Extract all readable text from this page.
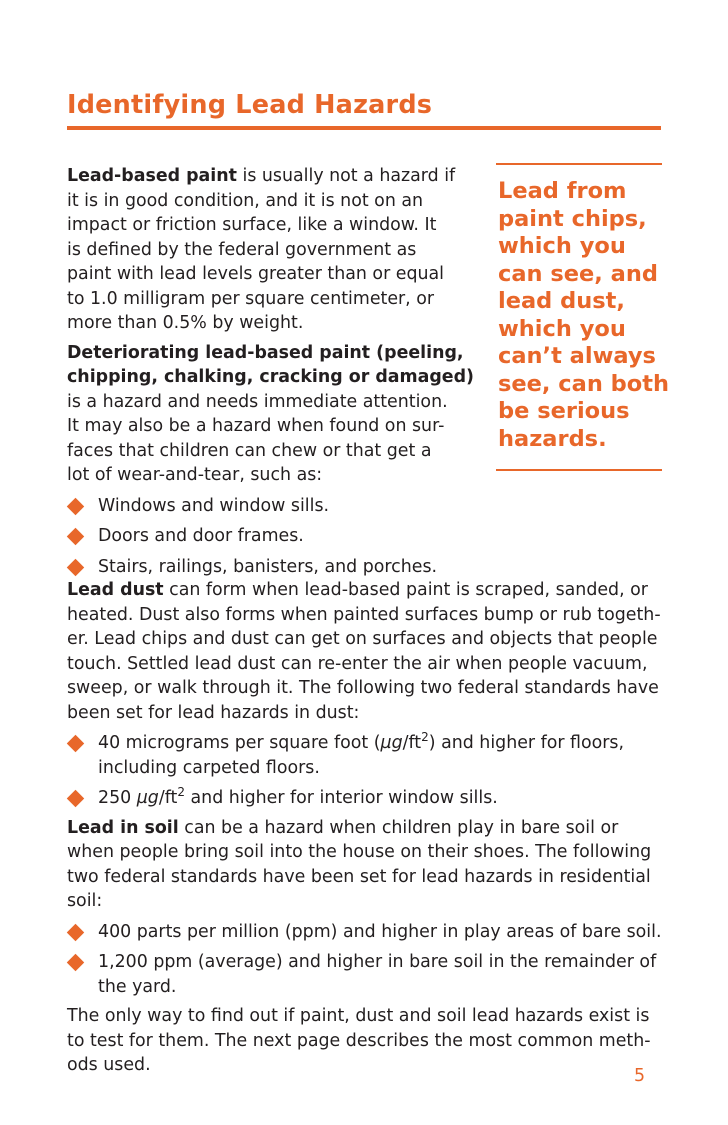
Identifying Lead Hazards
Lead from
paint chips,
which you
can see, and
lead dust,
which you
can’t always
see, can both
be serious
hazards.

Lead-based paint is usually not a hazard if
it is in good condition, and it is not on an
impact or friction surface, like a window. It
is defined by the federal government as
paint with lead levels greater than or equal
to 1.0 milligram per square centimeter, or
more than 0.5% by weight.

Deteriorating lead-based paint (peeling,
chipping, chalking, cracking or damaged)
is a hazard and needs immediate attention.
It may also be a hazard when found on sur-
faces that children can chew or that get a
lot of wear-and-tear, such as:

Windows and window sills.
Doors and door frames.
Stairs, railings, banisters, and porches.

Lead dust can form when lead-based paint is scraped, sanded, or
heated. Dust also forms when painted surfaces bump or rub togeth-
er. Lead chips and dust can get on surfaces and objects that people
touch. Settled lead dust can re-enter the air when people vacuum,
sweep, or walk through it. The following two federal standards have
been set for lead hazards in dust:

40 micrograms per square foot $(\mu g/ft^2)$ and higher for floors,
including carpeted floors.
250 $\mu g/ft^2$ and higher for interior window sills.

Lead in soil can be a hazard when children play in bare soil or
when people bring soil into the house on their shoes. The following
two federal standards have been set for lead hazards in residential
soil:

400 parts per million (ppm) and higher in play areas of bare soil.
1,200 ppm (average) and higher in bare soil in the remainder of
the yard.

The only way to find out if paint, dust and soil lead hazards exist is
to test for them. The next page describes the most common meth-
ods used.

5
